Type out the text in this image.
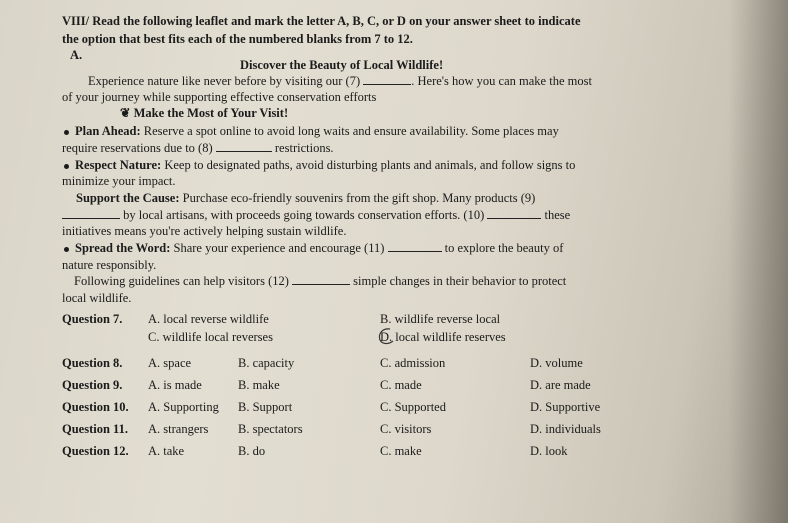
VIII/ Read the following leaflet and mark the letter A, B, C, or D on your answer sheet to indicate
the option that best fits each of the numbered blanks from 7 to 12.
A.
Discover the Beauty of Local Wildlife!
Experience nature like never before by visiting our (7)	. Here's how you can make the most
of your journey while supporting effective conservation efforts
❦ Make the Most of Your Visit!
Plan Ahead: Reserve a spot online to avoid long waits and ensure availability. Some places may
require reservations due to (8)	restrictions.
Respect Nature: Keep to designated paths, avoid disturbing plants and animals, and follow signs to
minimize your impact.
Support the Cause: Purchase eco-friendly souvenirs from the gift shop. Many products (9)
by local artisans, with proceeds going towards conservation efforts. (10)	these
initiatives means you're actively helping sustain wildlife.
Spread the Word: Share your experience and encourage (11)	to explore the beauty of
nature responsibly.
Following guidelines can help visitors (12)	simple changes in their behavior to protect
local wildlife.
Question 7. A. local reverse wildlife	B. wildlife reverse local
C. wildlife local reverses	D. local wildlife reserves
Question 8. A. space	B. capacity	C. admission	D. volume
Question 9. A. is made	B. make	C. made	D. are made
Question 10. A. Supporting B. Support	C. Supported	D. Supportive
Question 11. A. strangers B. spectators	C. visitors	D. individuals
Question 12. A. take	B. do	C. make	D. look
